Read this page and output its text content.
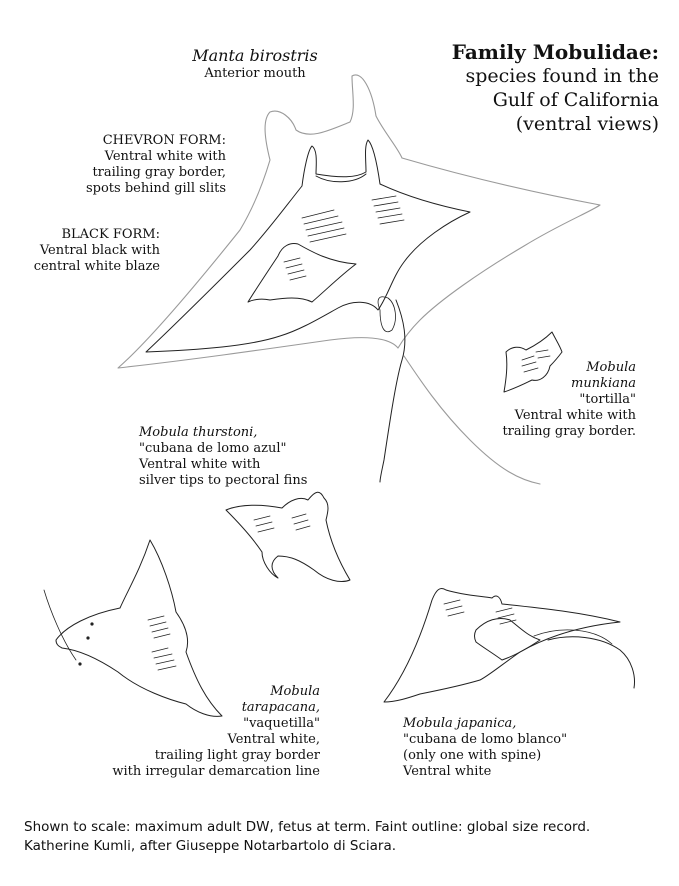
Family Mobulidae:
species found in the
Gulf of California
(ventral views)
Manta birostris
Anterior mouth
CHEVRON FORM:
Ventral white with
trailing gray border,
spots behind gill slits
BLACK FORM:
Ventral black with
central white blaze
Mobula
munkiana
"tortilla"
Ventral white with
trailing gray border.
Mobula thurstoni,
"cubana de lomo azul"
Ventral white with
silver tips to pectoral fins
Mobula
tarapacana,
"vaquetilla"
Ventral white,
trailing light gray border
with irregular demarcation line
Mobula japanica,
"cubana de lomo blanco"
(only one with spine)
Ventral white
Shown to scale: maximum adult DW, fetus at term. Faint outline: global size record.
Katherine Kumli, after Giuseppe Notarbartolo di Sciara.
